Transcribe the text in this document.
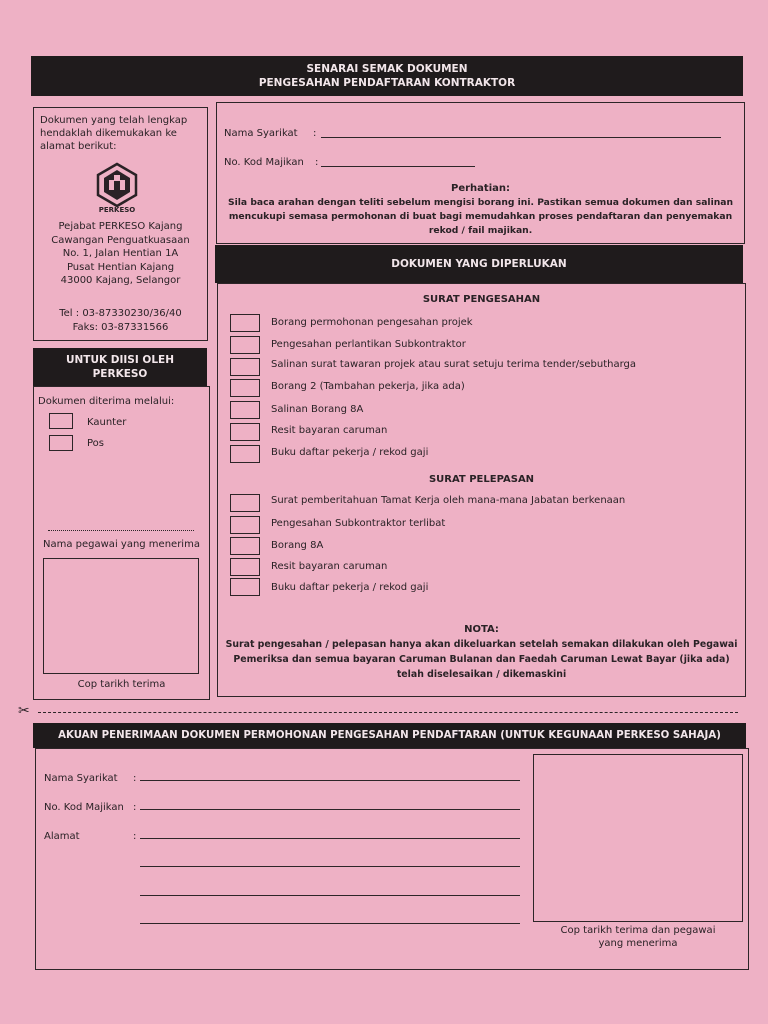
SENARAI SEMAK DOKUMEN
PENGESAHAN PENDAFTARAN KONTRAKTOR
Dokumen yang telah lengkap
hendaklah dikemukakan ke
alamat berikut:
PERKESO
Pejabat PERKESO Kajang
Cawangan Penguatkuasaan
No. 1, Jalan Hentian 1A
Pusat Hentian Kajang
43000 Kajang, Selangor
Tel : 03-87330230/36/40
Faks: 03-87331566
Nama Syarikat :
No. Kod Majikan :
Perhatian:
Sila baca arahan dengan teliti sebelum mengisi borang ini. Pastikan semua dokumen dan salinan
mencukupi semasa permohonan di buat bagi memudahkan proses pendaftaran dan penyemakan
rekod / fail majikan.
DOKUMEN YANG DIPERLUKAN
SURAT PENGESAHAN
Borang permohonan pengesahan projek
Pengesahan perlantikan Subkontraktor
Salinan surat tawaran projek atau surat setuju terima tender/sebutharga
Borang 2 (Tambahan pekerja, jika ada)
Salinan Borang 8A
Resit bayaran caruman
Buku daftar pekerja / rekod gaji
SURAT PELEPASAN
Surat pemberitahuan Tamat Kerja oleh mana-mana Jabatan berkenaan
Pengesahan Subkontraktor terlibat
Borang 8A
Resit bayaran caruman
Buku daftar pekerja / rekod gaji
NOTA:
Surat pengesahan / pelepasan hanya akan dikeluarkan setelah semakan dilakukan oleh Pegawai
Pemeriksa dan semua bayaran Caruman Bulanan dan Faedah Caruman Lewat Bayar (jika ada)
telah diselesaikan / dikemaskini
UNTUK DIISI OLEH
PERKESO
Dokumen diterima melalui:
Kaunter
Pos
Nama pegawai yang menerima
Cop tarikh terima
✂
AKUAN PENERIMAAN DOKUMEN PERMOHONAN PENGESAHAN PENDAFTARAN (UNTUK KEGUNAAN PERKESO SAHAJA)
Nama Syarikat :
No. Kod Majikan :
Alamat	:
Cop tarikh terima dan pegawai
yang menerima
